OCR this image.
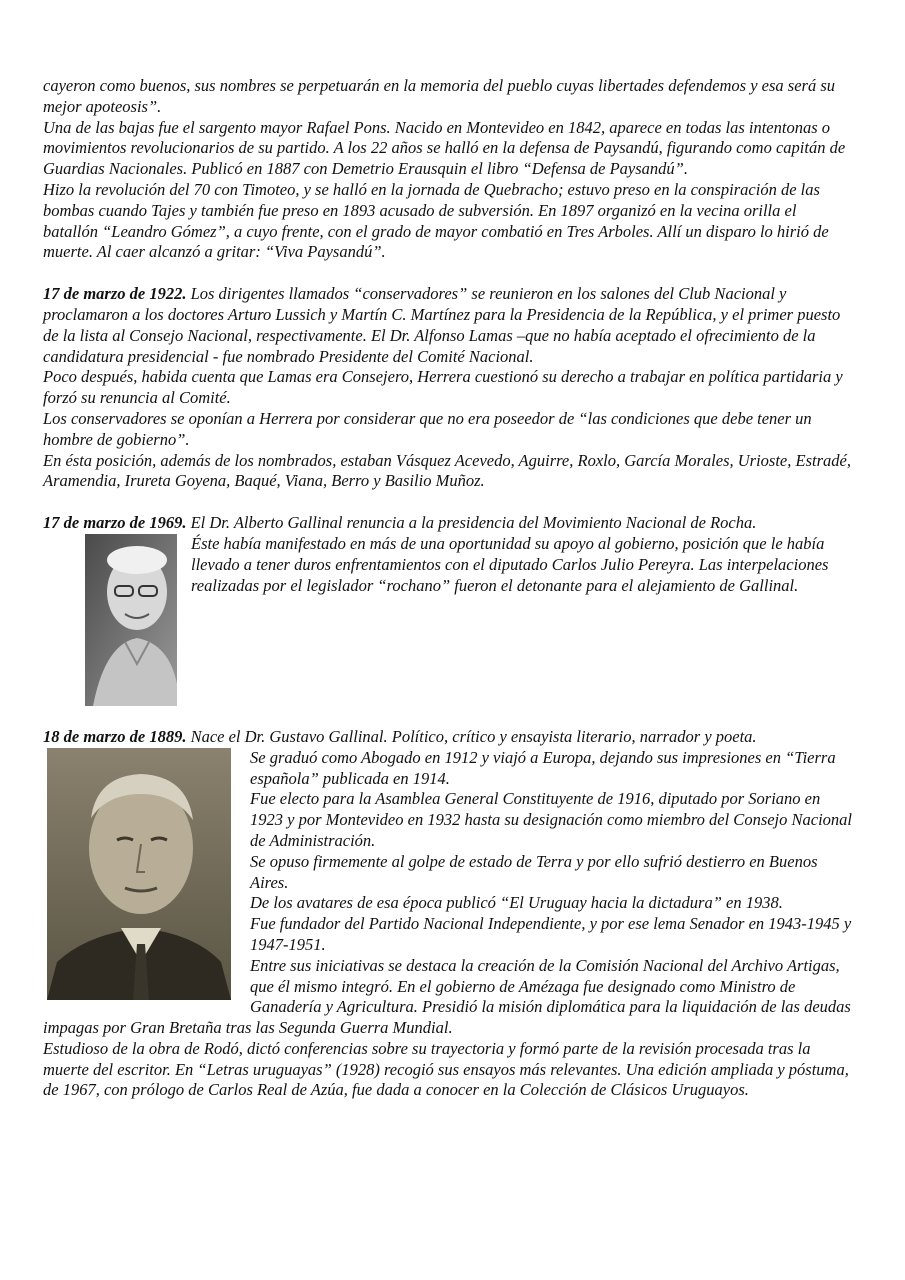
cayeron como buenos, sus nombres se perpetuarán en la memoria del pueblo cuyas libertades defendemos y esa será su mejor apoteosis”.

Una de las bajas fue el sargento mayor Rafael Pons. Nacido en Montevideo en 1842, aparece en todas las intentonas o movimientos revolucionarios de su partido. A los 22 años se halló en la defensa de Paysandú, figurando como capitán de Guardias Nacionales. Publicó en 1887 con Demetrio Erausquin el libro “Defensa de Paysandú”.

Hizo la revolución del 70 con Timoteo, y se halló en la jornada de Quebracho; estuvo preso en la conspiración de las bombas cuando Tajes y también fue preso en 1893 acusado de subversión. En 1897 organizó en la vecina orilla el batallón “Leandro Gómez”, a cuyo frente, con el grado de mayor combatió en Tres Arboles. Allí un disparo lo hirió de muerte. Al caer alcanzó a gritar: “Viva Paysandú”.

17 de marzo de 1922. Los dirigentes llamados “conservadores” se reunieron en los salones del Club Nacional y proclamaron a los doctores Arturo Lussich y Martín C. Martínez para la Presidencia de la República, y el primer puesto de la lista al Consejo Nacional, respectivamente. El Dr. Alfonso Lamas –que no había aceptado el ofrecimiento de la candidatura presidencial - fue nombrado Presidente del Comité Nacional.

Poco después, habida cuenta que Lamas era Consejero, Herrera cuestionó su derecho a trabajar en política partidaria y forzó su renuncia al Comité.

Los conservadores se oponían a Herrera por considerar que no era poseedor de “las condiciones que debe tener un hombre de gobierno”.

En ésta posición, además de los nombrados, estaban Vásquez Acevedo, Aguirre, Roxlo, García Morales, Urioste, Estradé, Aramendia, Irureta Goyena, Baqué, Viana, Berro y Basilio Muñoz.

17 de marzo de 1969. El Dr. Alberto Gallinal renuncia a la presidencia del Movimiento Nacional de Rocha.

Éste había manifestado en más de una oportunidad su apoyo al gobierno, posición que le había llevado a tener duros enfrentamientos con el diputado Carlos Julio Pereyra. Las interpelaciones realizadas por el legislador “rochano” fueron el detonante para el alejamiento de Gallinal.

18 de marzo de 1889. Nace el Dr. Gustavo Gallinal. Político, crítico y ensayista literario, narrador y poeta.

Se graduó como Abogado en 1912 y viajó a Europa, dejando sus impresiones en “Tierra española” publicada en 1914.

Fue electo para la Asamblea General Constituyente de 1916, diputado por Soriano en 1923 y por Montevideo en 1932 hasta su designación como miembro del Consejo Nacional de Administración.

Se opuso firmemente al golpe de estado de Terra y por ello sufrió destierro en Buenos Aires.

De los avatares de esa época publicó “El Uruguay hacia la dictadura” en 1938.

Fue fundador del Partido Nacional Independiente, y por ese lema Senador en 1943-1945 y 1947-1951.

Entre sus iniciativas se destaca la creación de la Comisión Nacional del Archivo Artigas, que él mismo integró. En el gobierno de Amézaga fue designado como Ministro de Ganadería y Agricultura. Presidió la misión diplomática para la liquidación de las deudas impagas por Gran Bretaña tras las Segunda Guerra Mundial.

Estudioso de la obra de Rodó, dictó conferencias sobre su trayectoria y formó parte de la revisión procesada tras la muerte del escritor. En “Letras uruguayas” (1928) recogió sus ensayos más relevantes. Una edición ampliada y póstuma, de 1967, con prólogo de Carlos Real de Azúa, fue dada a conocer en la Colección de Clásicos Uruguayos.
